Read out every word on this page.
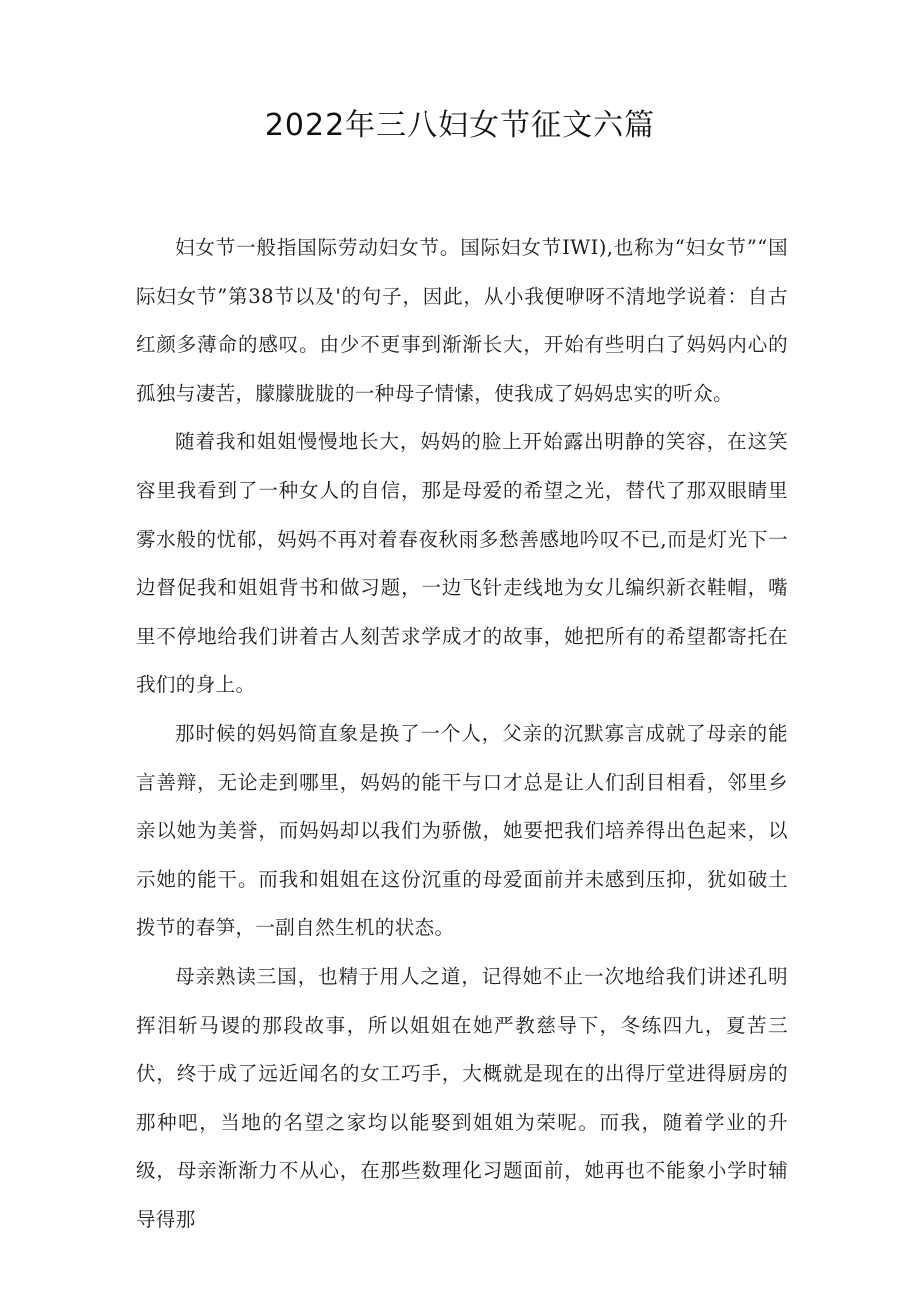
2022年三八妇女节征文六篇

妇女节一般指国际劳动妇女节。国际妇女节IWI),也称为“妇女节”“国际妇女节”第38节以及'的句子，因此，从小我便咿呀不清地学说着：自古红颜多薄命的感叹。由少不更事到渐渐长大，开始有些明白了妈妈内心的孤独与凄苦，朦朦胧胧的一种母子情愫，使我成了妈妈忠实的听众。

随着我和姐姐慢慢地长大，妈妈的脸上开始露出明静的笑容，在这笑容里我看到了一种女人的自信，那是母爱的希望之光，替代了那双眼睛里雾水般的忧郁，妈妈不再对着春夜秋雨多愁善感地吟叹不已,而是灯光下一边督促我和姐姐背书和做习题，一边飞针走线地为女儿编织新衣鞋帽，嘴里不停地给我们讲着古人刻苦求学成才的故事，她把所有的希望都寄托在我们的身上。

那时候的妈妈简直象是换了一个人，父亲的沉默寡言成就了母亲的能言善辩，无论走到哪里，妈妈的能干与口才总是让人们刮目相看，邻里乡亲以她为美誉，而妈妈却以我们为骄傲，她要把我们培养得出色起来，以示她的能干。而我和姐姐在这份沉重的母爱面前并未感到压抑，犹如破土拨节的春笋，一副自然生机的状态。

母亲熟读三国，也精于用人之道，记得她不止一次地给我们讲述孔明挥泪斩马谡的那段故事，所以姐姐在她严教慈导下，冬练四九，夏苦三伏，终于成了远近闻名的女工巧手，大概就是现在的出得厅堂进得厨房的那种吧，当地的名望之家均以能娶到姐姐为荣呢。而我，随着学业的升级，母亲渐渐力不从心，在那些数理化习题面前，她再也不能象小学时辅导得那
